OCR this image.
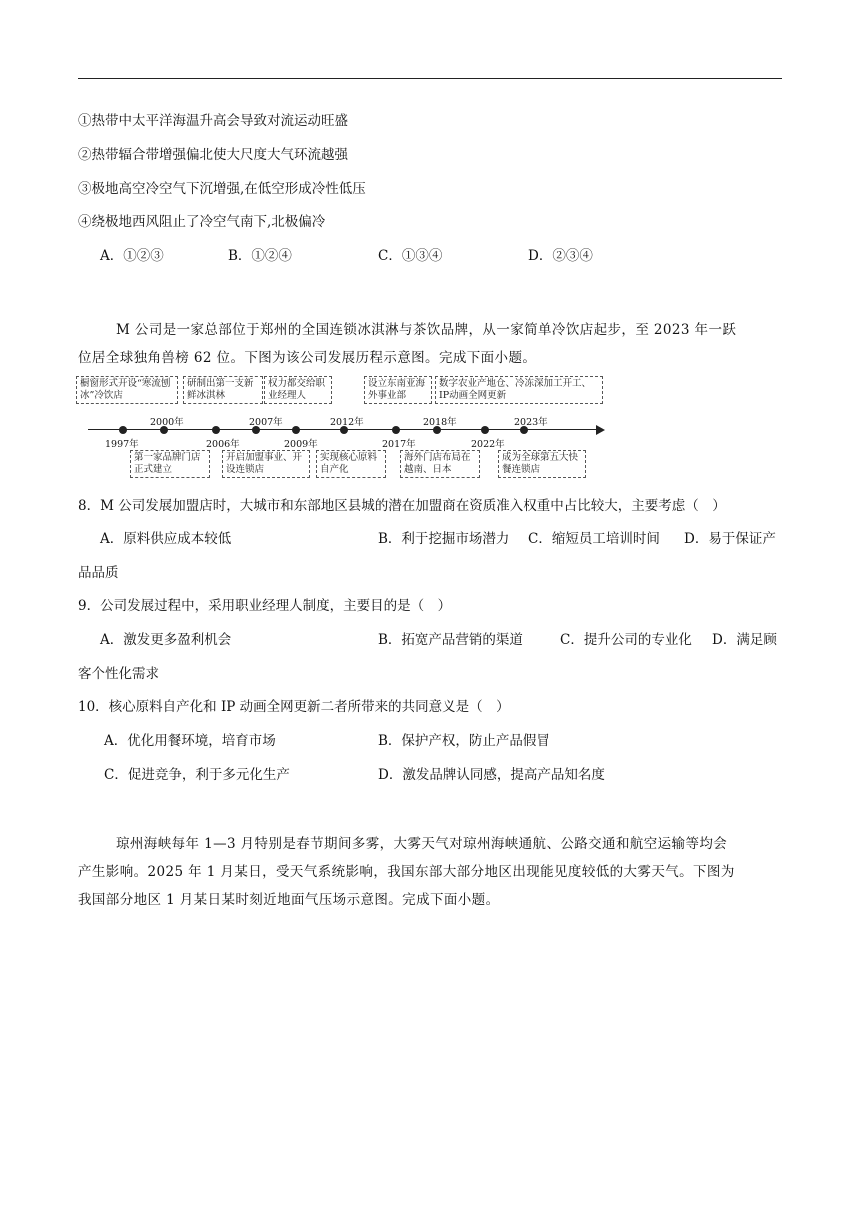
①热带中太平洋海温升高会导致对流运动旺盛
②热带辐合带增强偏北使大尺度大气环流越强
③极地高空冷空气下沉增强,在低空形成冷性低压
④绕极地西风阻止了冷空气南下,北极偏冷
A．①②③	B．①②④	C．①③④	D．②③④
M 公司是一家总部位于郑州的全国连锁冰淇淋与茶饮品牌，从一家简单冷饮店起步，至 2023 年一跃
位居全球独角兽榜 62 位。下图为该公司发展历程示意图。完成下面小题。
橱窗形式开设“寒流刨冰”冷饮店
研制出第一支新鲜冰淇林
权力都交给职业经理人
设立东南亚海外事业部
数字农业产地仓、冷冻深加工开工、IP动画全网更新
1997年
2000年
2006年
2007年
2009年
2012年
2017年
2018年
2022年
2023年
第一家品牌门店正式建立
开启加盟事业、开设连锁店
实现核心原料自产化
海外门店布局在越南、日本
成为全球第五大快餐连锁店
8．M 公司发展加盟店时，大城市和东部地区县城的潜在加盟商在资质准入权重中占比较大，主要考虑（　）
A．原料供应成本较低	B．利于挖掘市场潜力 C．缩短员工培训时间 D．易于保证产
品品质
9．公司发展过程中，采用职业经理人制度，主要目的是（　）
A．激发更多盈利机会	B．拓宽产品营销的渠道	C．提升公司的专业化 D．满足顾
客个性化需求
10．核心原料自产化和 IP 动画全网更新二者所带来的共同意义是（　）
A．优化用餐环境，培育市场	B．保护产权，防止产品假冒
C．促进竞争，利于多元化生产	D．激发品牌认同感，提高产品知名度
琼州海峡每年 1—3 月特别是春节期间多雾，大雾天气对琼州海峡通航、公路交通和航空运输等均会
产生影响。2025 年 1 月某日，受天气系统影响，我国东部大部分地区出现能见度较低的大雾天气。下图为
我国部分地区 1 月某日某时刻近地面气压场示意图。完成下面小题。
